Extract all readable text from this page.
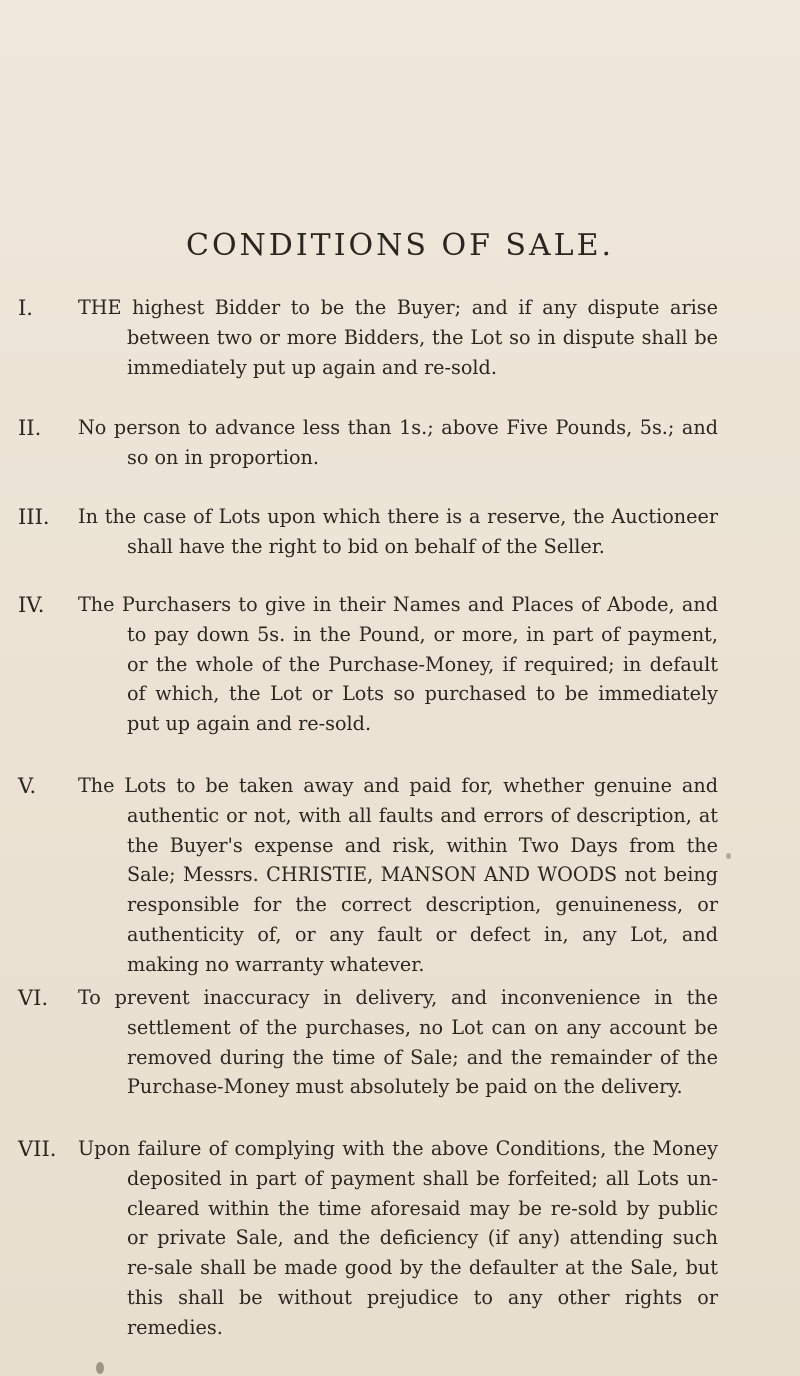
CONDITIONS OF SALE.
I.	THE highest Bidder to be the Buyer; and if any dispute arise between two or more Bidders, the Lot so in dispute shall be immediately put up again and re-sold.

II.	No person to advance less than 1s.; above Five Pounds, 5s.; and so on in proportion.

III.	In the case of Lots upon which there is a reserve, the Auctioneer shall have the right to bid on behalf of the Seller.

IV.	The Purchasers to give in their Names and Places of Abode, and to pay down 5s. in the Pound, or more, in part of payment, or the whole of the Purchase-Money, if required; in default of which, the Lot or Lots so purchased to be immediately put up again and re-sold.

V.	The Lots to be taken away and paid for, whether genuine and authentic or not, with all faults and errors of description, at the Buyer's expense and risk, within Two Days from the Sale; Messrs. CHRISTIE, MANSON AND WOODS not being responsible for the correct description, genuineness, or authenticity of, or any fault or defect in, any Lot, and making no warranty whatever.

VI.	To prevent inaccuracy in delivery, and inconvenience in the settlement of the purchases, no Lot can on any account be removed during the time of Sale; and the remainder of the Purchase-Money must absolutely be paid on the delivery.

VII.	Upon failure of complying with the above Conditions, the Money deposited in part of payment shall be forfeited; all Lots un-cleared within the time aforesaid may be re-sold by public or private Sale, and the deficiency (if any) attending such re-sale shall be made good by the defaulter at the Sale, but this shall be without prejudice to any other rights or remedies.
